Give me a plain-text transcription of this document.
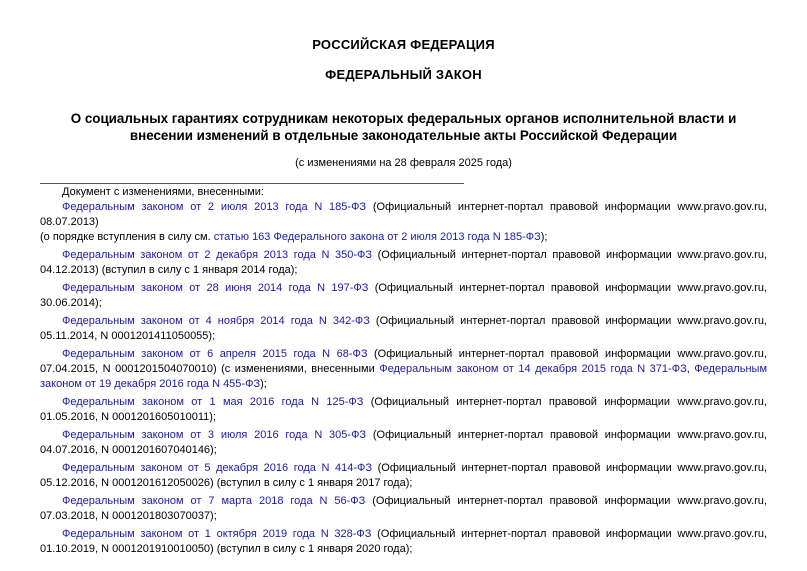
РОССИЙСКАЯ ФЕДЕРАЦИЯ
ФЕДЕРАЛЬНЫЙ ЗАКОН
О социальных гарантиях сотрудникам некоторых федеральных органов исполнительной власти и
внесении изменений в отдельные законодательные акты Российской Федерации
(с изменениями на 28 февраля 2025 года)
Документ с изменениями, внесенными:

Федеральным законом от 2 июля 2013 года N 185-ФЗ (Официальный интернет-портал правовой информации www.pravo.gov.ru, 08.07.2013)

(о порядке вступления в силу см. статью 163 Федерального закона от 2 июля 2013 года N 185-ФЗ);

Федеральным законом от 2 декабря 2013 года N 350-ФЗ (Официальный интернет-портал правовой информации www.pravo.gov.ru, 04.12.2013) (вступил в силу с 1 января 2014 года);

Федеральным законом от 28 июня 2014 года N 197-ФЗ (Официальный интернет-портал правовой информации www.pravo.gov.ru, 30.06.2014);

Федеральным законом от 4 ноября 2014 года N 342-ФЗ (Официальный интернет-портал правовой информации www.pravo.gov.ru, 05.11.2014, N 0001201411050055);

Федеральным законом от 6 апреля 2015 года N 68-ФЗ (Официальный интернет-портал правовой информации www.pravo.gov.ru, 07.04.2015, N 0001201504070010) (с изменениями, внесенными Федеральным законом от 14 декабря 2015 года N 371-ФЗ, Федеральным законом от 19 декабря 2016 года N 455-ФЗ);

Федеральным законом от 1 мая 2016 года N 125-ФЗ (Официальный интернет-портал правовой информации www.pravo.gov.ru, 01.05.2016, N 0001201605010011);

Федеральным законом от 3 июля 2016 года N 305-ФЗ (Официальный интернет-портал правовой информации www.pravo.gov.ru, 04.07.2016, N 0001201607040146);

Федеральным законом от 5 декабря 2016 года N 414-ФЗ (Официальный интернет-портал правовой информации www.pravo.gov.ru, 05.12.2016, N 0001201612050026) (вступил в силу с 1 января 2017 года);

Федеральным законом от 7 марта 2018 года N 56-ФЗ (Официальный интернет-портал правовой информации www.pravo.gov.ru, 07.03.2018, N 0001201803070037);

Федеральным законом от 1 октября 2019 года N 328-ФЗ (Официальный интернет-портал правовой информации www.pravo.gov.ru, 01.10.2019, N 0001201910010050) (вступил в силу с 1 января 2020 года);
